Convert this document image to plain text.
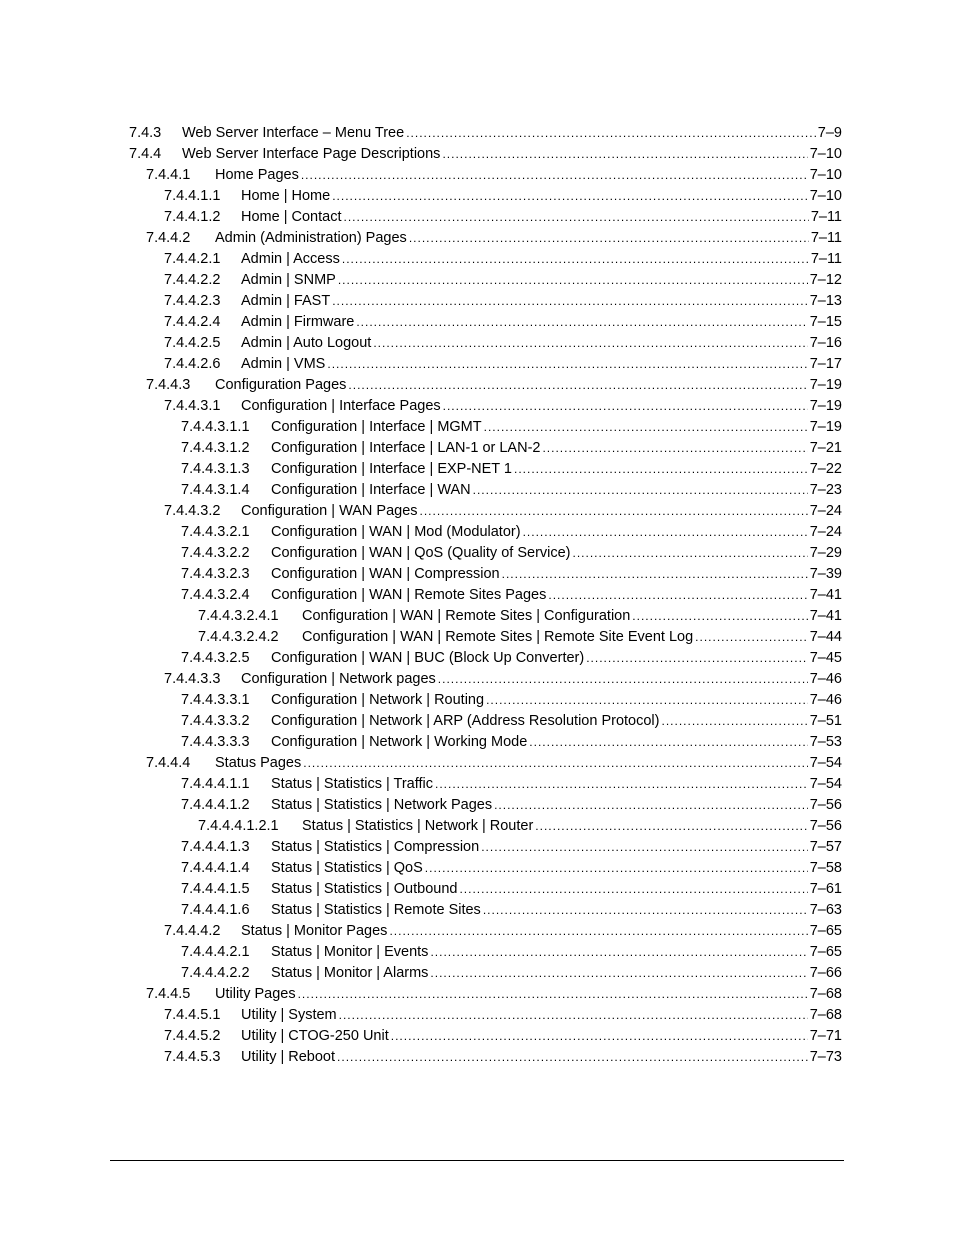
7.4.3	Web Server Interface – Menu Tree .....	7–9
7.4.4	Web Server Interface Page Descriptions .....	7–10
7.4.4.1	Home Pages .....	7–10
7.4.4.1.1	Home | Home .....	7–10
7.4.4.1.2	Home | Contact .....	7–11
7.4.4.2	Admin (Administration) Pages .....	7–11
7.4.4.2.1	Admin | Access .....	7–11
7.4.4.2.2	Admin | SNMP .....	7–12
7.4.4.2.3	Admin | FAST .....	7–13
7.4.4.2.4	Admin | Firmware .....	7–15
7.4.4.2.5	Admin | Auto Logout .....	7–16
7.4.4.2.6	Admin | VMS .....	7–17
7.4.4.3	Configuration Pages .....	7–19
7.4.4.3.1	Configuration | Interface Pages .....	7–19
7.4.4.3.1.1	Configuration | Interface | MGMT .....	7–19
7.4.4.3.1.2	Configuration | Interface | LAN-1 or LAN-2 .....	7–21
7.4.4.3.1.3	Configuration | Interface | EXP-NET 1 .....	7–22
7.4.4.3.1.4	Configuration | Interface | WAN .....	7–23
7.4.4.3.2	Configuration | WAN Pages .....	7–24
7.4.4.3.2.1	Configuration | WAN | Mod (Modulator) .....	7–24
7.4.4.3.2.2	Configuration | WAN | QoS (Quality of Service) .....	7–29
7.4.4.3.2.3	Configuration | WAN | Compression .....	7–39
7.4.4.3.2.4	Configuration | WAN | Remote Sites Pages .....	7–41
7.4.4.3.2.4.1	Configuration | WAN | Remote Sites | Configuration .....	7–41
7.4.4.3.2.4.2	Configuration | WAN | Remote Sites | Remote Site Event Log .....	7–44
7.4.4.3.2.5	Configuration | WAN | BUC (Block Up Converter) .....	7–45
7.4.4.3.3	Configuration | Network pages .....	7–46
7.4.4.3.3.1	Configuration | Network | Routing .....	7–46
7.4.4.3.3.2	Configuration | Network | ARP (Address Resolution Protocol) .....	7–51
7.4.4.3.3.3	Configuration | Network | Working Mode .....	7–53
7.4.4.4	Status Pages .....	7–54
7.4.4.4.1.1	Status | Statistics | Traffic .....	7–54
7.4.4.4.1.2	Status | Statistics | Network Pages .....	7–56
7.4.4.4.1.2.1	Status | Statistics | Network | Router .....	7–56
7.4.4.4.1.3	Status | Statistics | Compression .....	7–57
7.4.4.4.1.4	Status | Statistics | QoS .....	7–58
7.4.4.4.1.5	Status | Statistics | Outbound .....	7–61
7.4.4.4.1.6	Status | Statistics | Remote Sites .....	7–63
7.4.4.4.2	Status | Monitor Pages .....	7–65
7.4.4.4.2.1	Status | Monitor | Events .....	7–65
7.4.4.4.2.2	Status | Monitor | Alarms .....	7–66
7.4.4.5	Utility Pages .....	7–68
7.4.4.5.1	Utility | System .....	7–68
7.4.4.5.2	Utility | CTOG-250 Unit .....	7–71
7.4.4.5.3	Utility | Reboot .....	7–73
